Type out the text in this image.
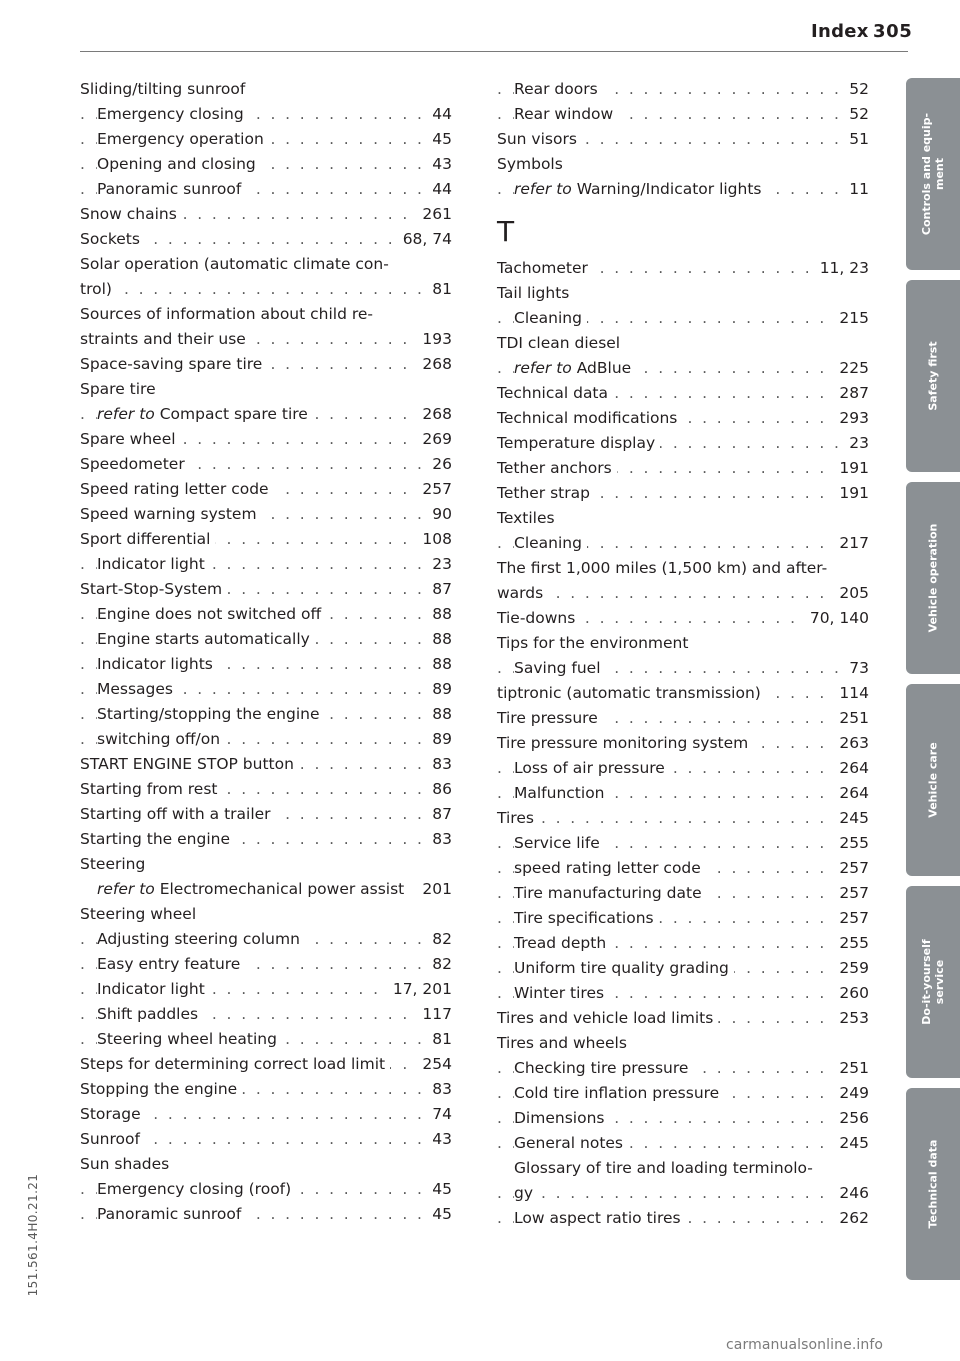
Index 305
Sliding/tilting sunroof
Emergency closing . . .	44
Emergency operation . . .	45
Opening and closing . . .	43
Panoramic sunroof . . .	44
Snow chains . . .	261
Sockets . . .	68, 74
Solar operation (automatic climate con-
trol) . . .	81
Sources of information about child re-
straints and their use . . .	193
Space-saving spare tire . . .	268
Spare tire
refer to Compact spare tire . . .	268
Spare wheel . . .	269
Speedometer . . .	26
Speed rating letter code . . .	257
Speed warning system . . .	90
Sport differential . . .	108
Indicator light . . .	23
Start-Stop-System . . .	87
Engine does not switched off . . .	88
Engine starts automatically . . .	88
Indicator lights . . .	88
Messages . . .	89
Starting/stopping the engine . . .	88
switching off/on . . .	89
START ENGINE STOP button . . .	83
Starting from rest . . .	86
Starting off with a trailer . . .	87
Starting the engine . . .	83
Steering
refer to Electromechanical power assist	201
Steering wheel
Adjusting steering column . . .	82
Easy entry feature . . .	82
Indicator light . . .	17, 201
Shift paddles . . .	117
Steering wheel heating . . .	81
Steps for determining correct load limit . . .	254
Stopping the engine . . .	83
Storage . . .	74
Sunroof . . .	43
Sun shades
Emergency closing (roof) . . .	45
Panoramic sunroof . . .	45
Rear doors . . .	52
Rear window . . .	52
Sun visors . . .	51
Symbols
refer to Warning/Indicator lights . . .	11
T
Tachometer . . .	11, 23
Tail lights
Cleaning . . .	215
TDI clean diesel
refer to AdBlue . . .	225
Technical data . . .	287
Technical modifications . . .	293
Temperature display . . .	23
Tether anchors . . .	191
Tether strap . . .	191
Textiles
Cleaning . . .	217
The first 1,000 miles (1,500 km) and after-
wards . . .	205
Tie-downs . . .	70, 140
Tips for the environment
Saving fuel . . .	73
tiptronic (automatic transmission) . . .	114
Tire pressure . . .	251
Tire pressure monitoring system . . .	263
Loss of air pressure . . .	264
Malfunction . . .	264
Tires . . .	245
Service life . . .	255
speed rating letter code . . .	257
Tire manufacturing date . . .	257
Tire specifications . . .	257
Tread depth . . .	255
Uniform tire quality grading . . .	259
Winter tires . . .	260
Tires and vehicle load limits . . .	253
Tires and wheels
Checking tire pressure . . .	251
Cold tire inflation pressure . . .	249
Dimensions . . .	256
General notes . . .	245
Glossary of tire and loading terminolo-
gy . . .	246
Low aspect ratio tires . . .	262
Controls and equip-
ment
Safety first
Vehicle operation
Vehicle care
Do-it-yourself
service
Technical data
151.561.4H0.21.21
carmanualsonline.info
